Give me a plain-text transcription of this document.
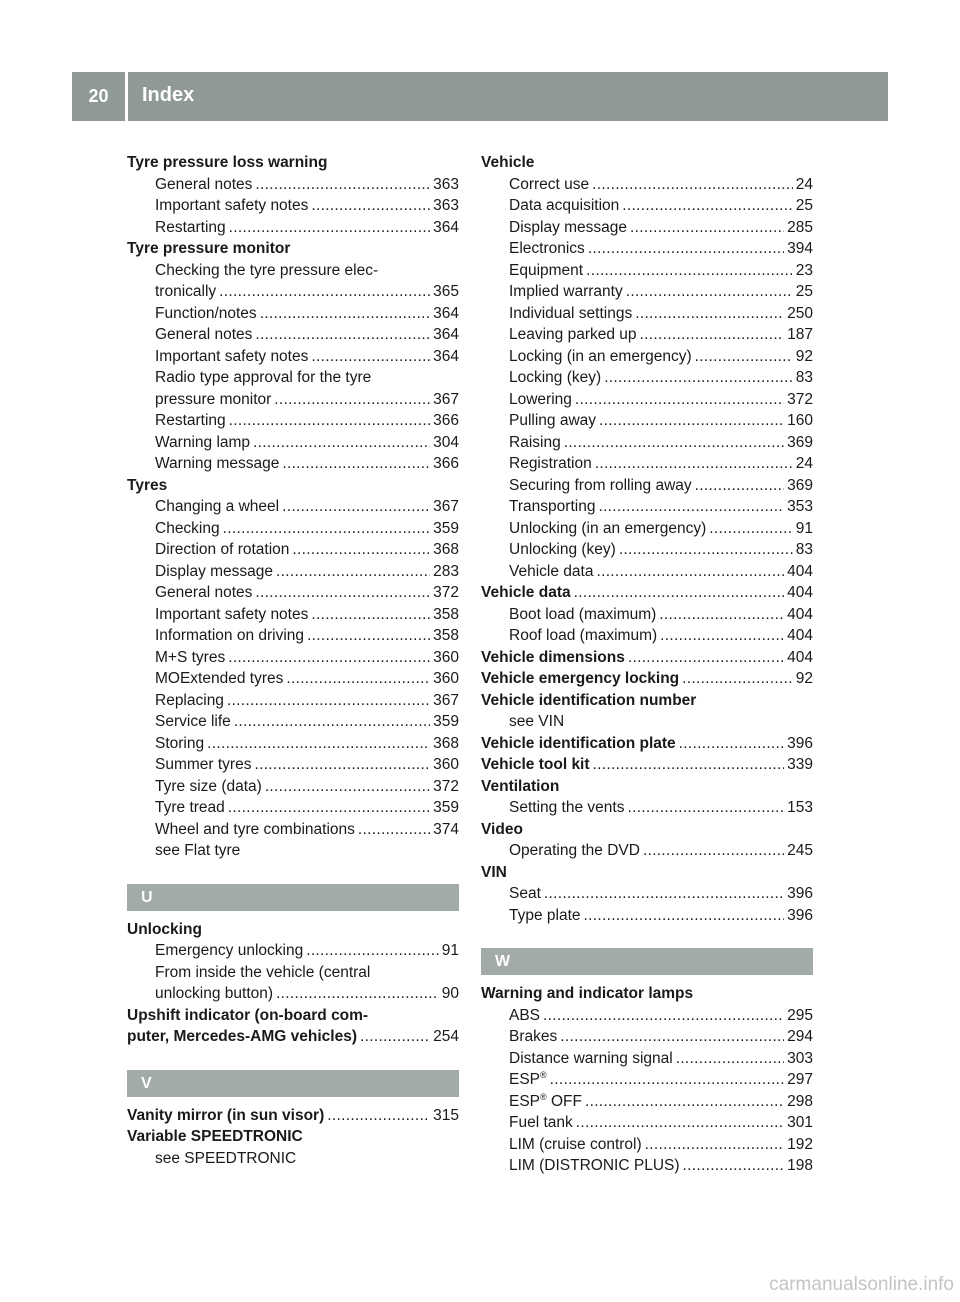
20	Index
Tyre pressure loss warning
General notes . . .	363
Important safety notes . . .	363
Restarting . . .	364
Tyre pressure monitor
Checking the tyre pressure elec-
tronically . . .	365
Function/notes . . .	364
General notes . . .	364
Important safety notes . . .	364
Radio type approval for the tyre
pressure monitor . . .	367
Restarting . . .	366
Warning lamp . . .	304
Warning message . . .	366
Tyres
Changing a wheel . . .	367
Checking . . .	359
Direction of rotation . . .	368
Display message . . .	283
General notes . . .	372
Important safety notes . . .	358
Information on driving . . .	358
M+S tyres . . .	360
MOExtended tyres . . .	360
Replacing . . .	367
Service life . . .	359
Storing . . .	368
Summer tyres . . .	360
Tyre size (data) . . .	372
Tyre tread . . .	359
Wheel and tyre combinations . . .	374
see Flat tyre
U
Unlocking
Emergency unlocking . . .	91
From inside the vehicle (central
unlocking button) . . .	90
Upshift indicator (on-board com-
puter, Mercedes-AMG vehicles) . . .	254
V
Vanity mirror (in sun visor) . . .	315
Variable SPEEDTRONIC
see SPEEDTRONIC
Vehicle
Correct use . . .	24
Data acquisition . . .	25
Display message . . .	285
Electronics . . .	394
Equipment . . .	23
Implied warranty . . .	25
Individual settings . . .	250
Leaving parked up . . .	187
Locking (in an emergency) . . .	92
Locking (key) . . .	83
Lowering . . .	372
Pulling away . . .	160
Raising . . .	369
Registration . . .	24
Securing from rolling away . . .	369
Transporting . . .	353
Unlocking (in an emergency) . . .	91
Unlocking (key) . . .	83
Vehicle data . . .	404
Vehicle data . . .	404
Boot load (maximum) . . .	404
Roof load (maximum) . . .	404
Vehicle dimensions . . .	404
Vehicle emergency locking . . .	92
Vehicle identification number
see VIN
Vehicle identification plate . . .	396
Vehicle tool kit . . .	339
Ventilation
Setting the vents . . .	153
Video
Operating the DVD . . .	245
VIN
Seat . . .	396
Type plate . . .	396
W
Warning and indicator lamps
ABS . . .	295
Brakes . . .	294
Distance warning signal . . .	303
ESP® . . .	297
ESP® OFF . . .	298
Fuel tank . . .	301
LIM (cruise control) . . .	192
LIM (DISTRONIC PLUS) . . .	198
carmanualsonline.info
